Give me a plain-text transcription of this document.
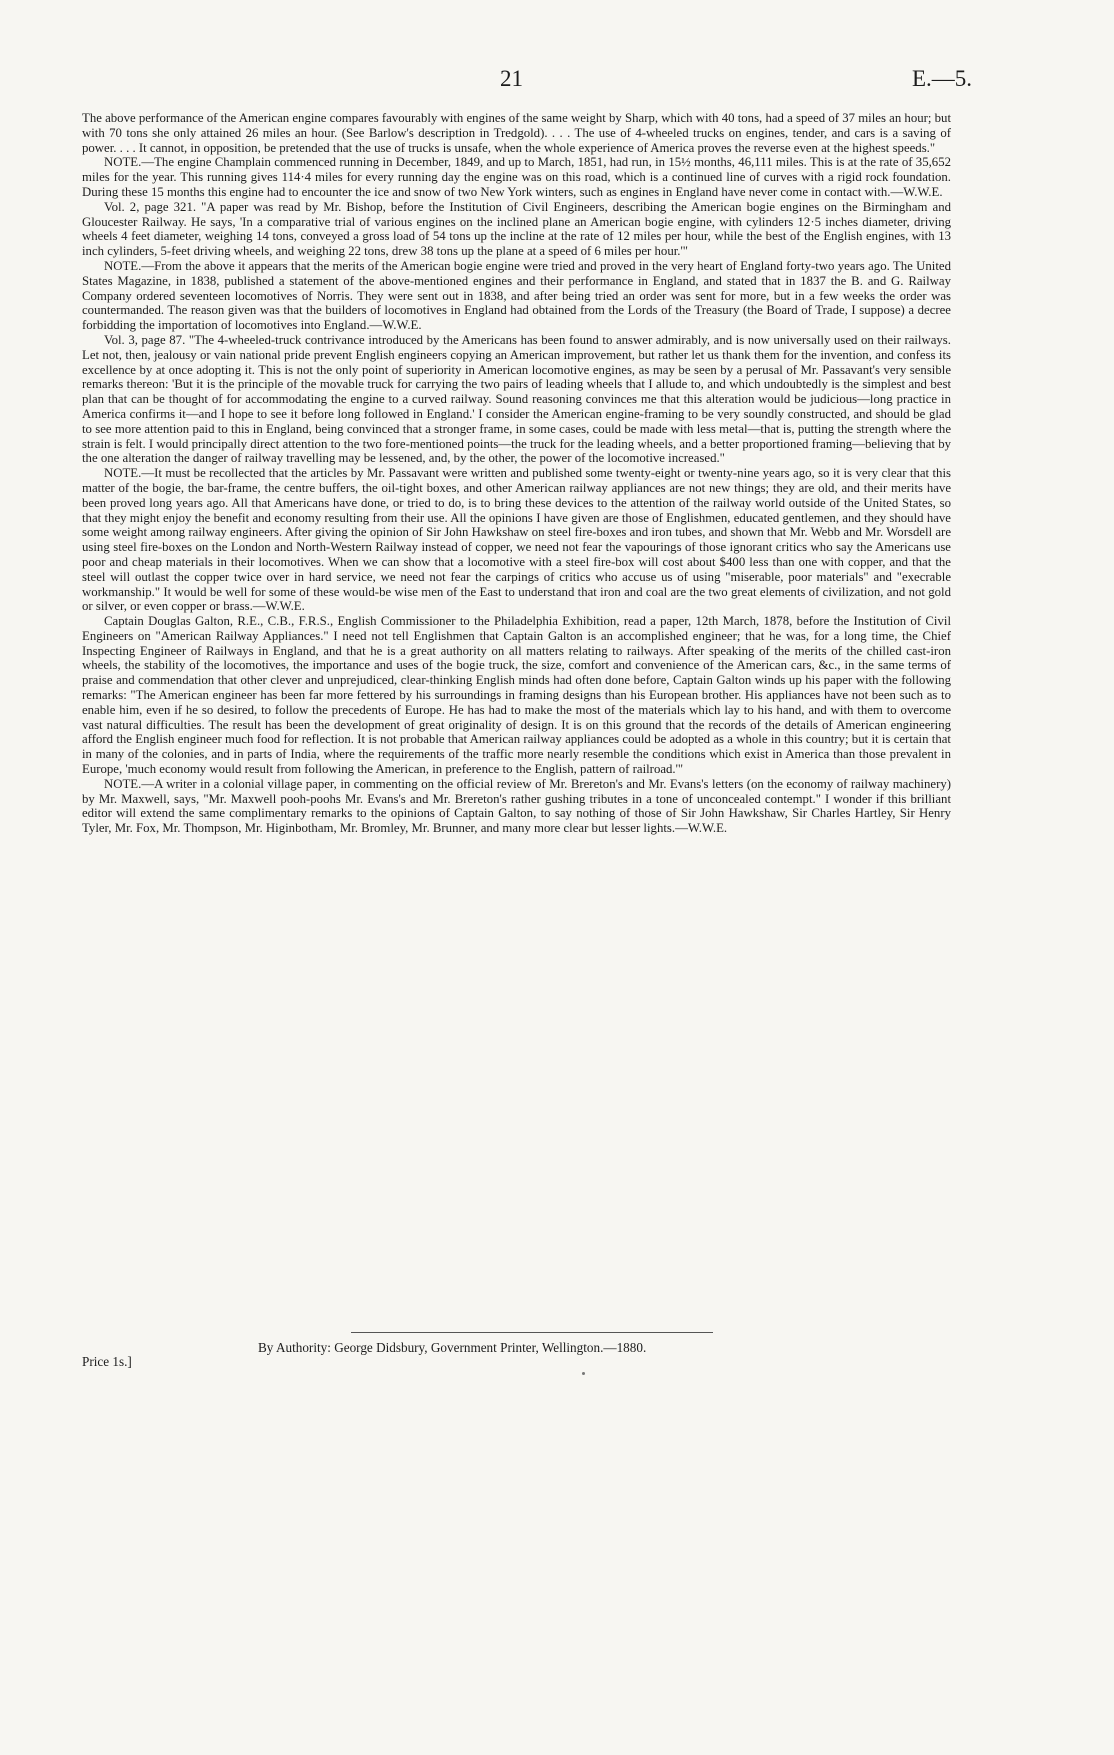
21	E.—5.

The above performance of the American engine compares favourably with engines of the same weight by Sharp, which with 40 tons, had a speed of 37 miles an hour; but with 70 tons she only attained 26 miles an hour. (See Barlow's description in Tredgold). . . . The use of 4-wheeled trucks on engines, tender, and cars is a saving of power. . . . It cannot, in opposition, be pretended that the use of trucks is unsafe, when the whole experience of America proves the reverse even at the highest speeds."

NOTE.—The engine Champlain commenced running in December, 1849, and up to March, 1851, had run, in 15½ months, 46,111 miles. This is at the rate of 35,652 miles for the year. This running gives 114·4 miles for every running day the engine was on this road, which is a continued line of curves with a rigid rock foundation. During these 15 months this engine had to encounter the ice and snow of two New York winters, such as engines in England have never come in contact with.—W.W.E.

Vol. 2, page 321. "A paper was read by Mr. Bishop, before the Institution of Civil Engineers, describing the American bogie engines on the Birmingham and Gloucester Railway. He says, 'In a comparative trial of various engines on the inclined plane an American bogie engine, with cylinders 12·5 inches diameter, driving wheels 4 feet diameter, weighing 14 tons, conveyed a gross load of 54 tons up the incline at the rate of 12 miles per hour, while the best of the English engines, with 13 inch cylinders, 5-feet driving wheels, and weighing 22 tons, drew 38 tons up the plane at a speed of 6 miles per hour.'"

NOTE.—From the above it appears that the merits of the American bogie engine were tried and proved in the very heart of England forty-two years ago. The United States Magazine, in 1838, published a statement of the above-mentioned engines and their performance in England, and stated that in 1837 the B. and G. Railway Company ordered seventeen locomotives of Norris. They were sent out in 1838, and after being tried an order was sent for more, but in a few weeks the order was countermanded. The reason given was that the builders of locomotives in England had obtained from the Lords of the Treasury (the Board of Trade, I suppose) a decree forbidding the importation of locomotives into England.—W.W.E.

Vol. 3, page 87. "The 4-wheeled-truck contrivance introduced by the Americans has been found to answer admirably, and is now universally used on their railways. Let not, then, jealousy or vain national pride prevent English engineers copying an American improvement, but rather let us thank them for the invention, and confess its excellence by at once adopting it. This is not the only point of superiority in American locomotive engines, as may be seen by a perusal of Mr. Passavant's very sensible remarks thereon: 'But it is the principle of the movable truck for carrying the two pairs of leading wheels that I allude to, and which undoubtedly is the simplest and best plan that can be thought of for accommodating the engine to a curved railway. Sound reasoning convinces me that this alteration would be judicious—long practice in America confirms it—and I hope to see it before long followed in England.' I consider the American engine-framing to be very soundly constructed, and should be glad to see more attention paid to this in England, being convinced that a stronger frame, in some cases, could be made with less metal—that is, putting the strength where the strain is felt. I would principally direct attention to the two fore-mentioned points—the truck for the leading wheels, and a better proportioned framing—believing that by the one alteration the danger of railway travelling may be lessened, and, by the other, the power of the locomotive increased."

NOTE.—It must be recollected that the articles by Mr. Passavant were written and published some twenty-eight or twenty-nine years ago, so it is very clear that this matter of the bogie, the bar-frame, the centre buffers, the oil-tight boxes, and other American railway appliances are not new things; they are old, and their merits have been proved long years ago. All that Americans have done, or tried to do, is to bring these devices to the attention of the railway world outside of the United States, so that they might enjoy the benefit and economy resulting from their use. All the opinions I have given are those of Englishmen, educated gentlemen, and they should have some weight among railway engineers. After giving the opinion of Sir John Hawkshaw on steel fire-boxes and iron tubes, and shown that Mr. Webb and Mr. Worsdell are using steel fire-boxes on the London and North-Western Railway instead of copper, we need not fear the vapourings of those ignorant critics who say the Americans use poor and cheap materials in their locomotives. When we can show that a locomotive with a steel fire-box will cost about $400 less than one with copper, and that the steel will outlast the copper twice over in hard service, we need not fear the carpings of critics who accuse us of using "miserable, poor materials" and "execrable workmanship." It would be well for some of these would-be wise men of the East to understand that iron and coal are the two great elements of civilization, and not gold or silver, or even copper or brass.—W.W.E.

Captain Douglas Galton, R.E., C.B., F.R.S., English Commissioner to the Philadelphia Exhibition, read a paper, 12th March, 1878, before the Institution of Civil Engineers on "American Railway Appliances." I need not tell Englishmen that Captain Galton is an accomplished engineer; that he was, for a long time, the Chief Inspecting Engineer of Railways in England, and that he is a great authority on all matters relating to railways. After speaking of the merits of the chilled cast-iron wheels, the stability of the locomotives, the importance and uses of the bogie truck, the size, comfort and convenience of the American cars, &c., in the same terms of praise and commendation that other clever and unprejudiced, clear-thinking English minds had often done before, Captain Galton winds up his paper with the following remarks: "The American engineer has been far more fettered by his surroundings in framing designs than his European brother. His appliances have not been such as to enable him, even if he so desired, to follow the precedents of Europe. He has had to make the most of the materials which lay to his hand, and with them to overcome vast natural difficulties. The result has been the development of great originality of design. It is on this ground that the records of the details of American engineering afford the English engineer much food for reflection. It is not probable that American railway appliances could be adopted as a whole in this country; but it is certain that in many of the colonies, and in parts of India, where the requirements of the traffic more nearly resemble the conditions which exist in America than those prevalent in Europe, 'much economy would result from following the American, in preference to the English, pattern of railroad.'"

NOTE.—A writer in a colonial village paper, in commenting on the official review of Mr. Brereton's and Mr. Evans's letters (on the economy of railway machinery) by Mr. Maxwell, says, "Mr. Maxwell pooh-poohs Mr. Evans's and Mr. Brereton's rather gushing tributes in a tone of unconcealed contempt." I wonder if this brilliant editor will extend the same complimentary remarks to the opinions of Captain Galton, to say nothing of those of Sir John Hawkshaw, Sir Charles Hartley, Sir Henry Tyler, Mr. Fox, Mr. Thompson, Mr. Higinbotham, Mr. Bromley, Mr. Brunner, and many more clear but lesser lights.—W.W.E.

By Authority: George Didsbury, Government Printer, Wellington.—1880.
Price 1s.]
